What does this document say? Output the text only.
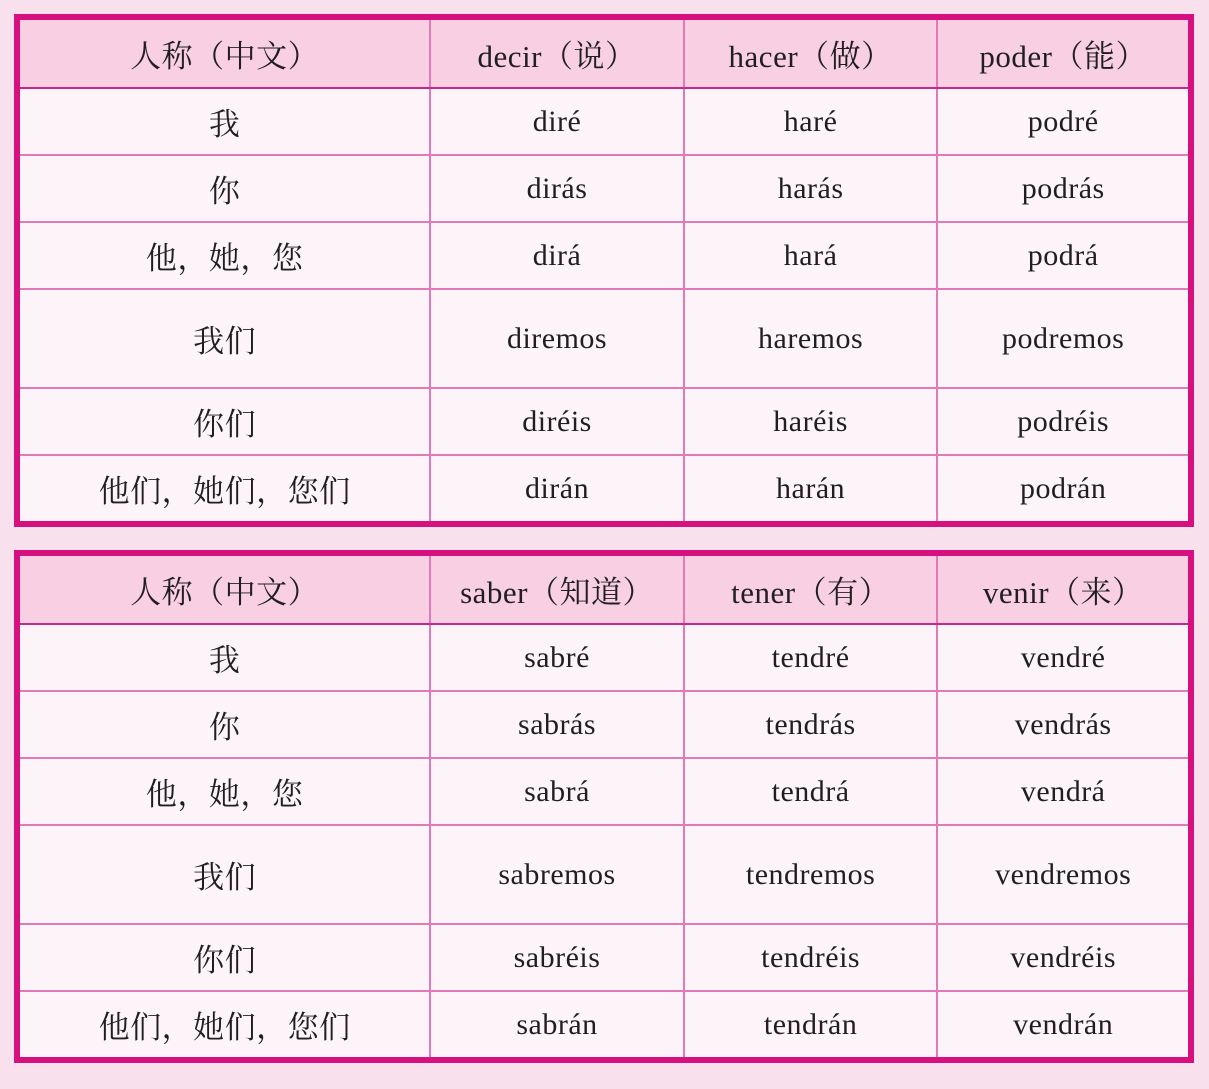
人称（中文）	decir（说）	hacer（做）	poder（能）
我	diré	haré	podré
你	dirás	harás	podrás
他，她，您	dirá	hará	podrá
我们	diremos	haremos	podremos
你们	diréis	haréis	podréis
他们，她们，您们	dirán	harán	podrán
人称（中文）	saber（知道）	tener（有）	venir（来）
我	sabré	tendré	vendré
你	sabrás	tendrás	vendrás
他，她，您	sabrá	tendrá	vendrá
我们	sabremos	tendremos	vendremos
你们	sabréis	tendréis	vendréis
他们，她们，您们	sabrán	tendrán	vendrán
